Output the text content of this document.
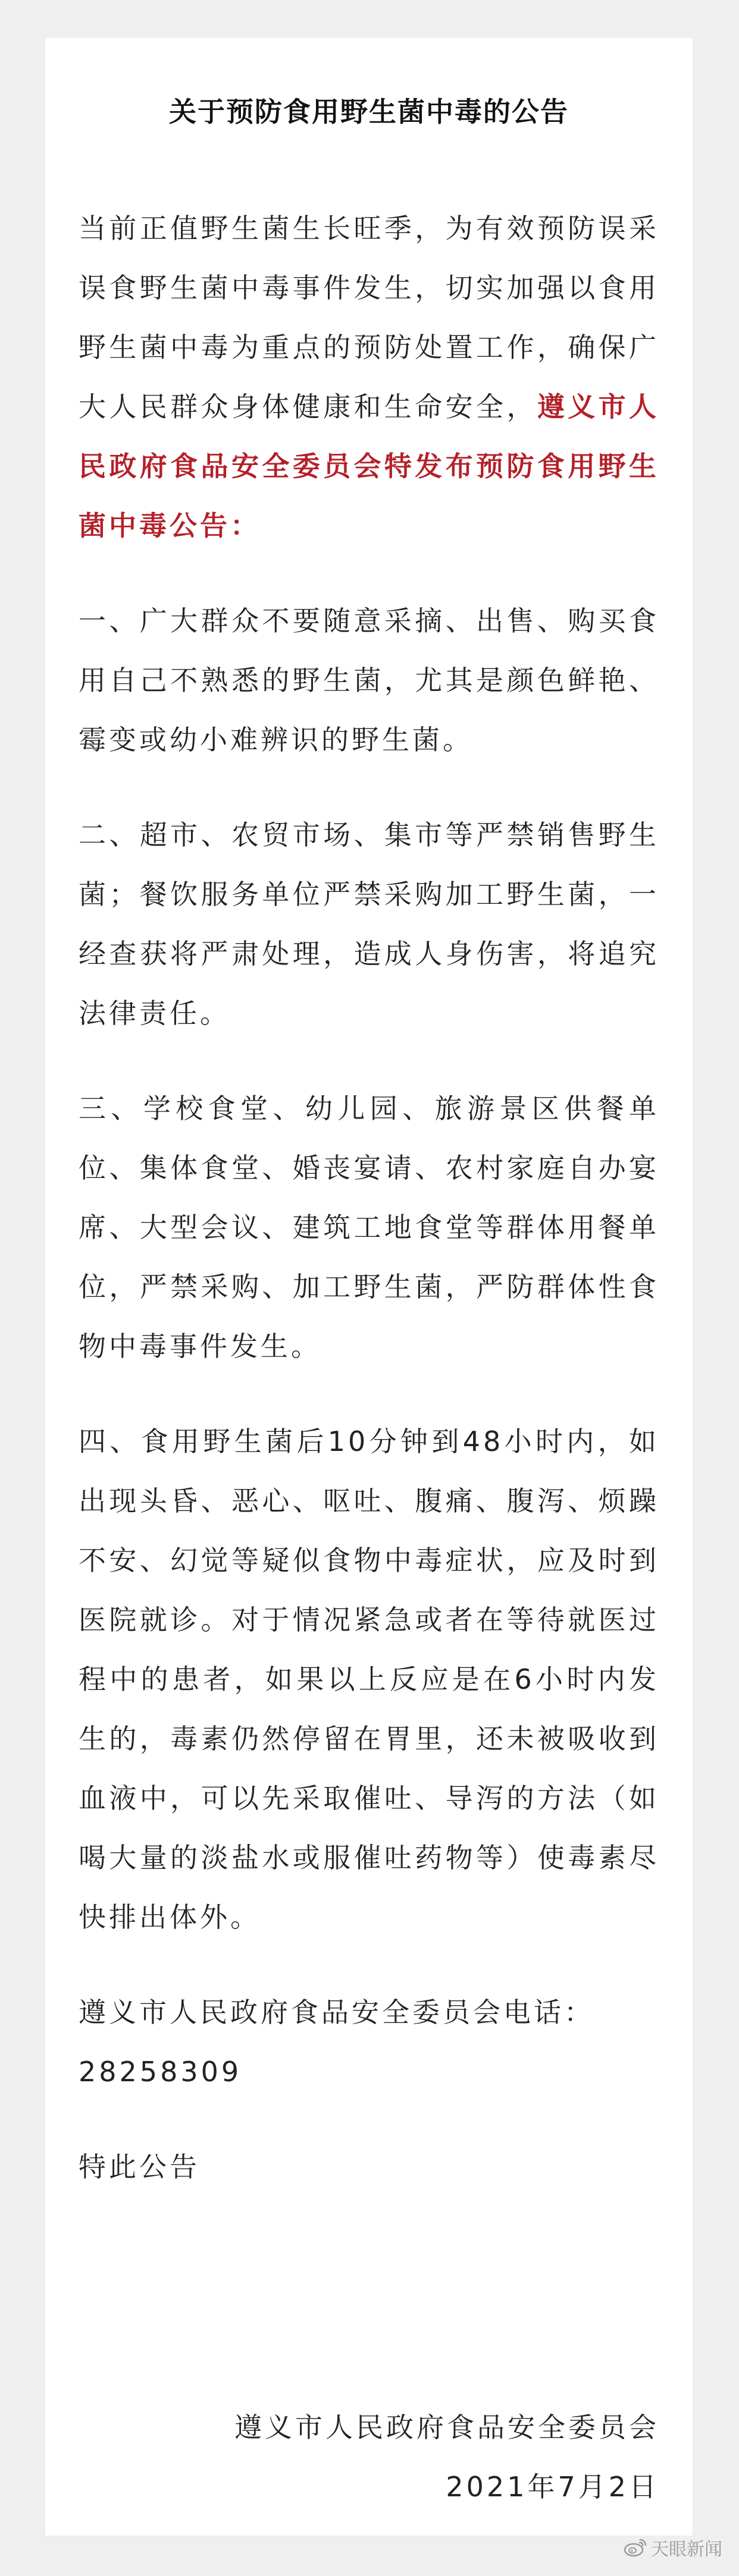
关于预防食用野生菌中毒的公告

当前正值野生菌生长旺季，为有效预防误采误食野生菌中毒事件发生，切实加强以食用野生菌中毒为重点的预防处置工作，确保广大人民群众身体健康和生命安全，遵义市人民政府食品安全委员会特发布预防食用野生菌中毒公告：

一、广大群众不要随意采摘、出售、购买食用自己不熟悉的野生菌，尤其是颜色鲜艳、霉变或幼小难辨识的野生菌。

二、超市、农贸市场、集市等严禁销售野生菌；餐饮服务单位严禁采购加工野生菌，一经查获将严肃处理，造成人身伤害，将追究法律责任。

三、学校食堂、幼儿园、旅游景区供餐单位、集体食堂、婚丧宴请、农村家庭自办宴席、大型会议、建筑工地食堂等群体用餐单位，严禁采购、加工野生菌，严防群体性食物中毒事件发生。

四、食用野生菌后10分钟到48小时内，如出现头昏、恶心、呕吐、腹痛、腹泻、烦躁不安、幻觉等疑似食物中毒症状，应及时到医院就诊。对于情况紧急或者在等待就医过程中的患者，如果以上反应是在6小时内发生的，毒素仍然停留在胃里，还未被吸收到血液中，可以先采取催吐、导泻的方法（如喝大量的淡盐水或服催吐药物等）使毒素尽快排出体外。

遵义市人民政府食品安全委员会电话：
28258309

特此公告

遵义市人民政府食品安全委员会
2021年7月2日
天眼新闻
